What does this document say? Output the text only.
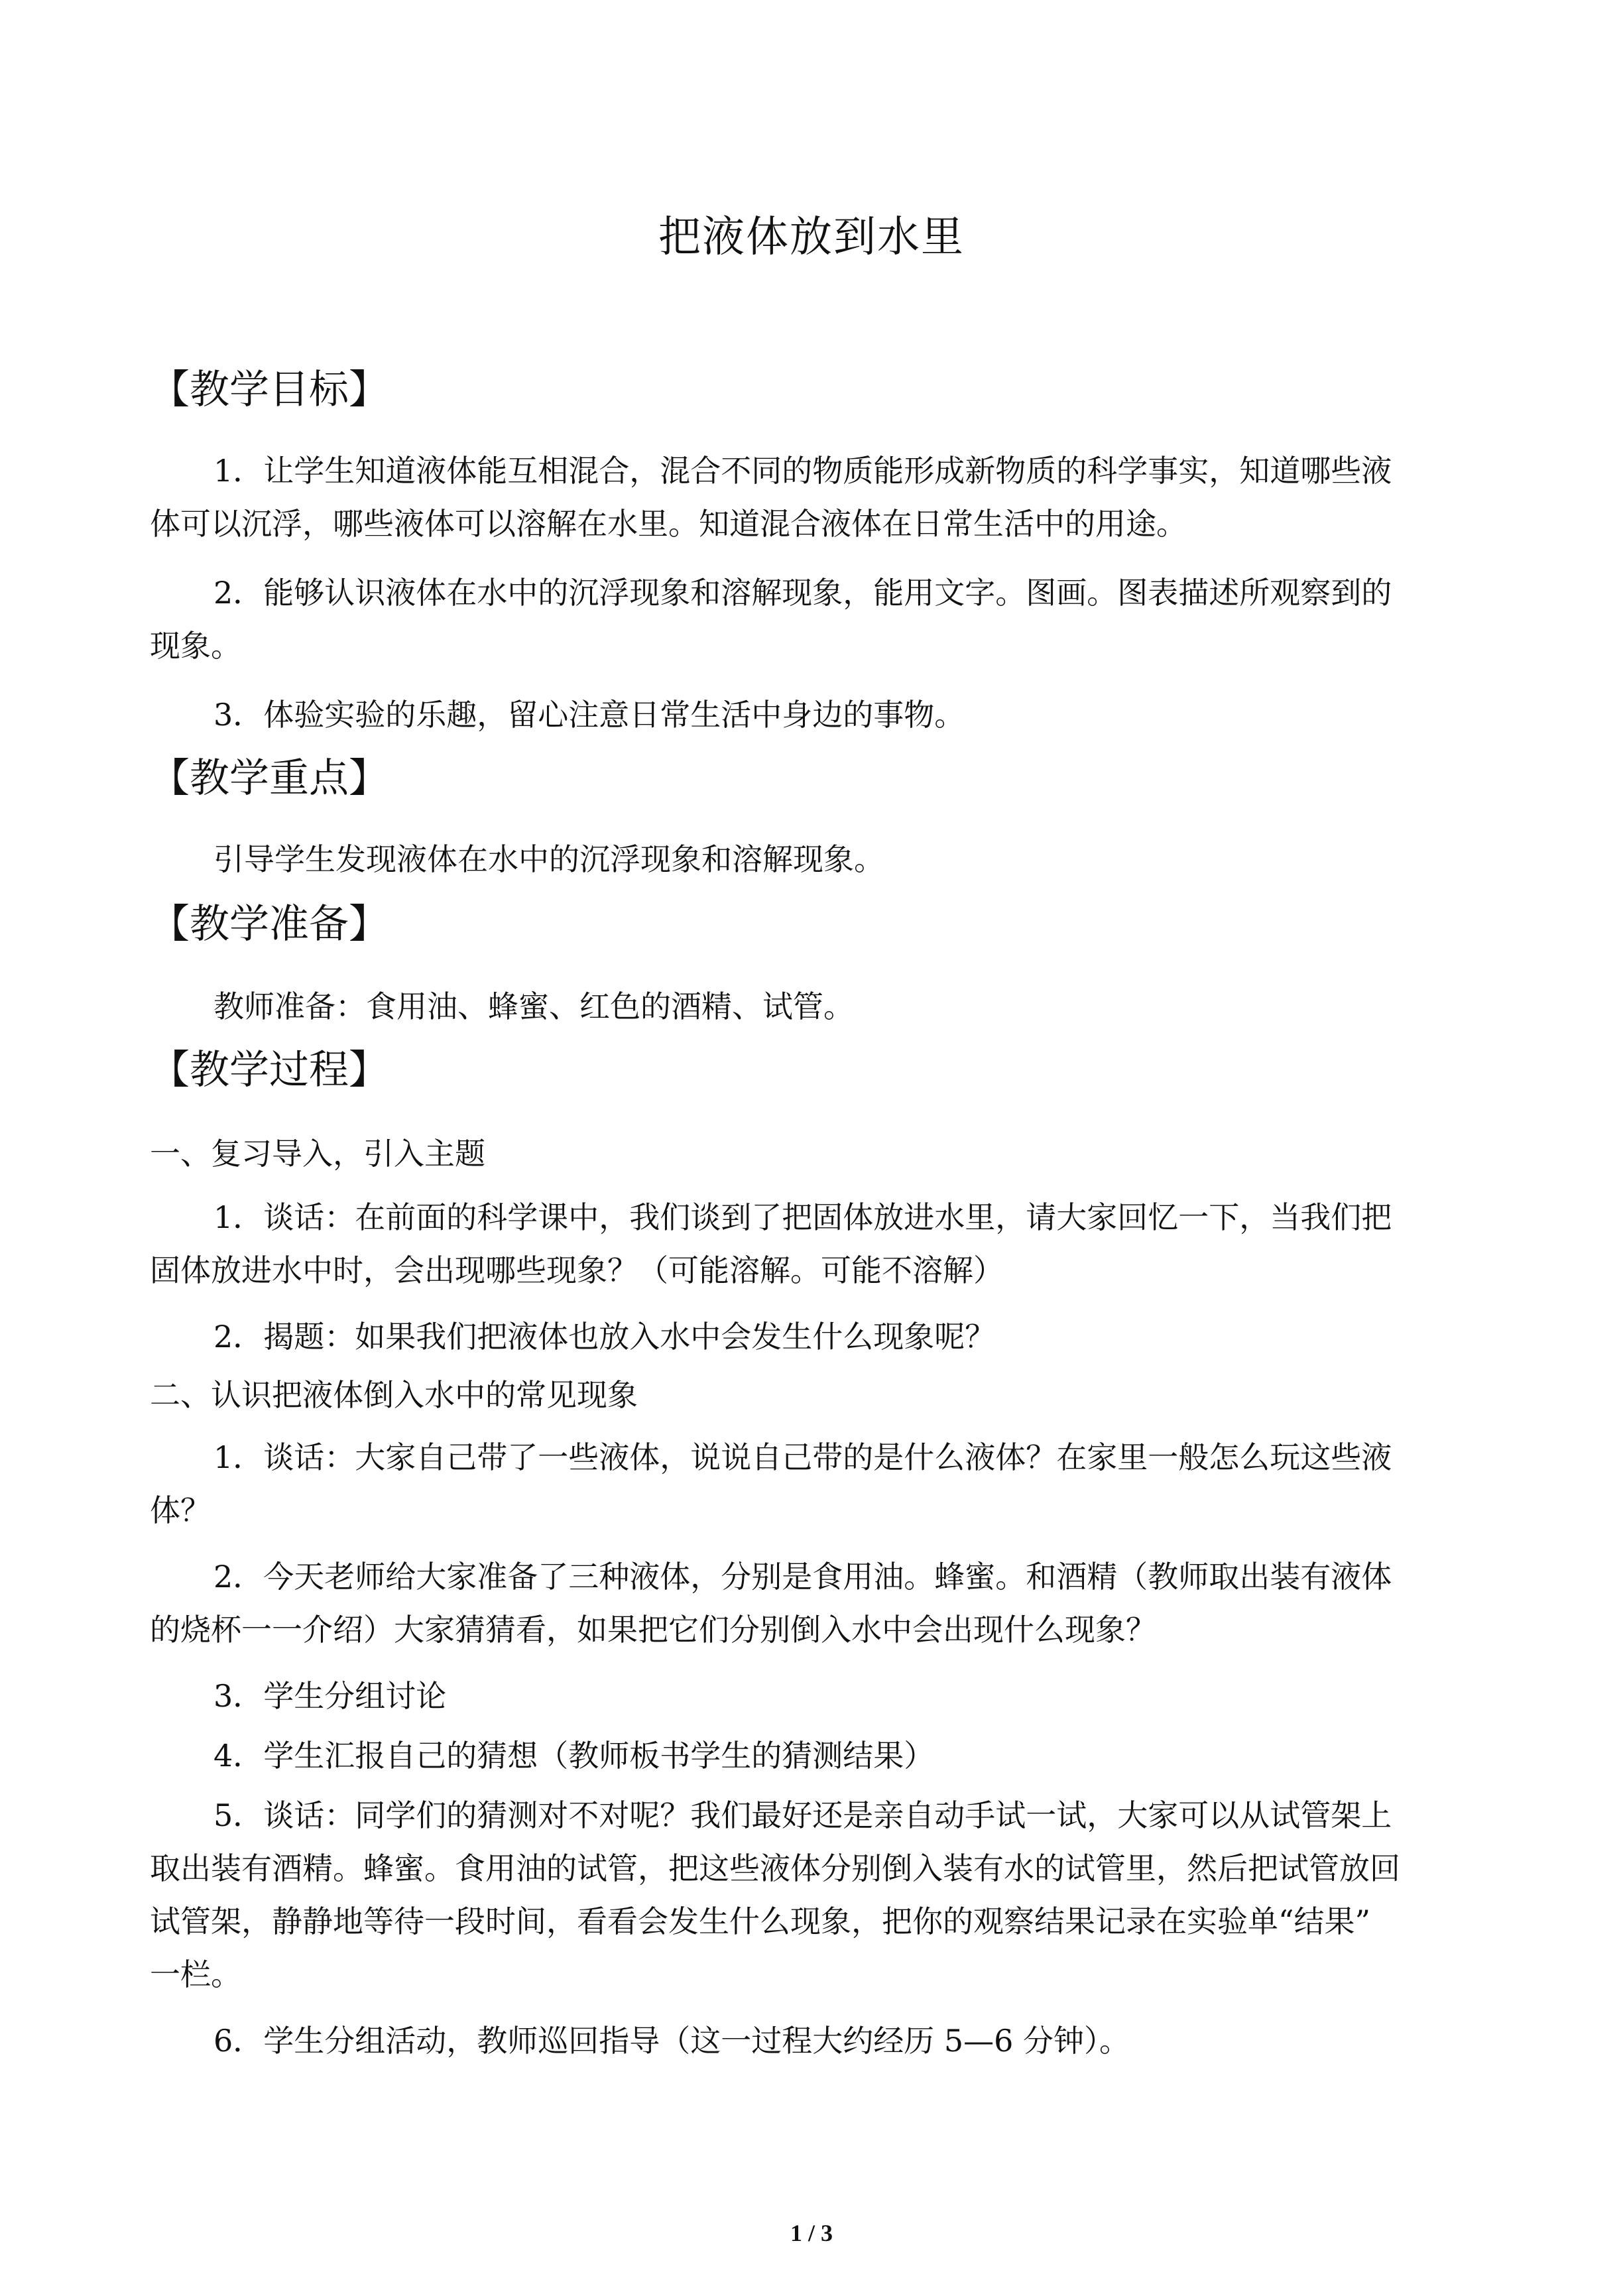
把液体放到水里
【教学目标】

1．让学生知道液体能互相混合，混合不同的物质能形成新物质的科学事实，知道哪些液

体可以沉浮，哪些液体可以溶解在水里。知道混合液体在日常生活中的用途。

2．能够认识液体在水中的沉浮现象和溶解现象，能用文字。图画。图表描述所观察到的

现象。

3．体验实验的乐趣，留心注意日常生活中身边的事物。

【教学重点】

引导学生发现液体在水中的沉浮现象和溶解现象。

【教学准备】

教师准备：食用油、蜂蜜、红色的酒精、试管。

【教学过程】

一、复习导入，引入主题

1．谈话：在前面的科学课中，我们谈到了把固体放进水里，请大家回忆一下，当我们把

固体放进水中时，会出现哪些现象？（可能溶解。可能不溶解）

2．揭题：如果我们把液体也放入水中会发生什么现象呢？

二、认识把液体倒入水中的常见现象

1．谈话：大家自己带了一些液体，说说自己带的是什么液体？在家里一般怎么玩这些液

体？

2．今天老师给大家准备了三种液体，分别是食用油。蜂蜜。和酒精（教师取出装有液体

的烧杯一一介绍）大家猜猜看，如果把它们分别倒入水中会出现什么现象？

3．学生分组讨论

4．学生汇报自己的猜想（教师板书学生的猜测结果）

5．谈话：同学们的猜测对不对呢？我们最好还是亲自动手试一试，大家可以从试管架上

取出装有酒精。蜂蜜。食用油的试管，把这些液体分别倒入装有水的试管里，然后把试管放回

试管架，静静地等待一段时间，看看会发生什么现象，把你的观察结果记录在实验单“结果”

一栏。

6．学生分组活动，教师巡回指导（这一过程大约经历 5—6 分钟）。

1 / 3
